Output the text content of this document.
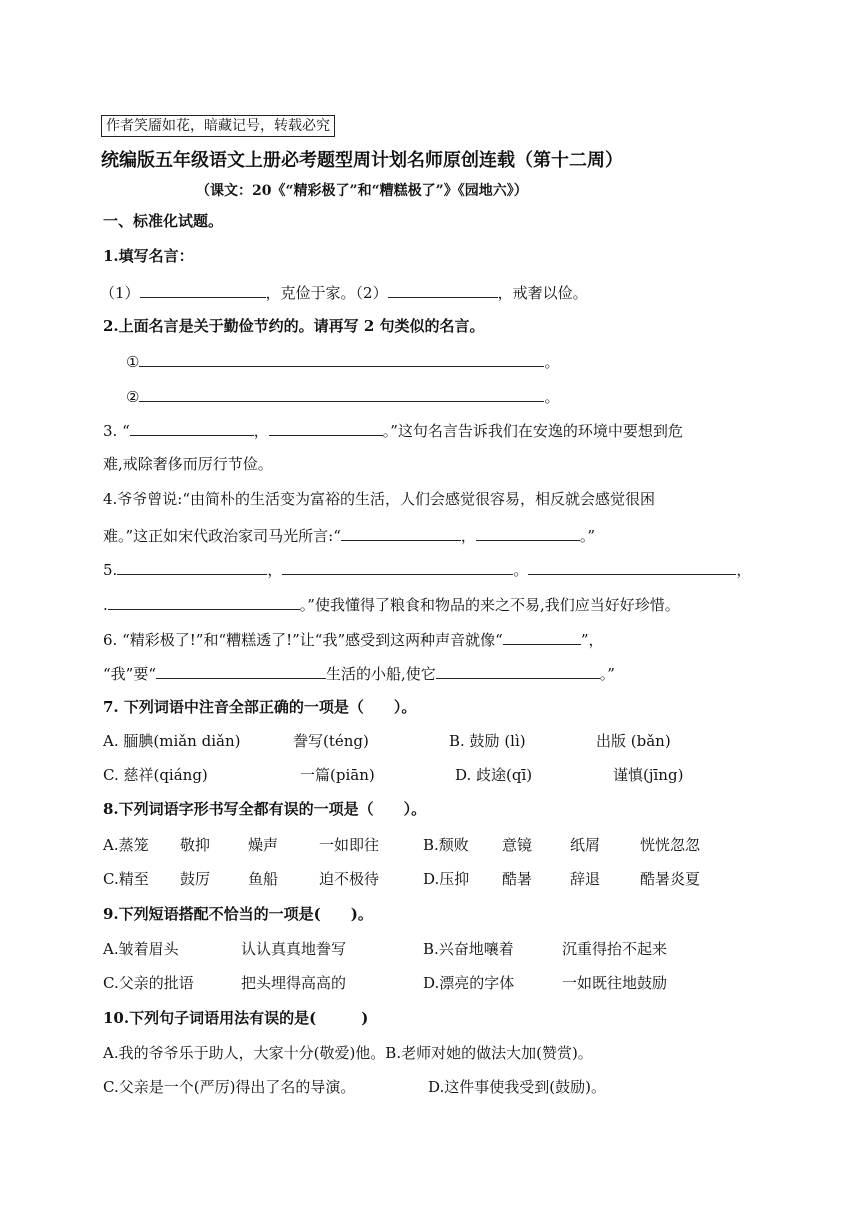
作者笑靥如花，暗藏记号，转载必究
统编版五年级语文上册必考题型周计划名师原创连载（第十二周）
（课文：20《“精彩极了”和“糟糕极了”》《园地六》）
一、标准化试题。
1.填写名言：
（1）	，克俭于家。（2）	，戒奢以俭。
2.上面名言是关于勤俭节约的。请再写 2 句类似的名言。
①	。
②	。
3. “	，	。”这句名言告诉我们在安逸的环境中要想到危
难,戒除奢侈而厉行节俭。
4.爷爷曾说:“由简朴的生活变为富裕的生活，人们会感觉很容易，相反就会感觉很困
难。”这正如宋代政治家司马光所言:“	，	。”
5.	，	。	，
.	。”使我懂得了粮食和物品的来之不易,我们应当好好珍惜。
6. “精彩极了!”和“糟糕透了!”让“我”感受到这两种声音就像“	”，
“我”要“	生活的小船,使它	。”
7. 下列词语中注音全部正确的一项是（　　）。
A. 腼腆(miǎn diǎn)	誊写(téng)	B. 鼓励 (lì)	出版 (bǎn)
C. 慈祥(qiáng)	一篇(piān)	D. 歧途(qī)	谨慎(jīng)
8.下列词语字形书写全都有误的一项是（　　）。
A.蒸笼 敬抑	燥声	一如即往	B.颓败 意镜	纸屑	恍恍忽忽
C.精至 鼓厉	鱼船	迫不极待	D.压抑 酷暑	辞退	酷暑炎夏
9.下列短语搭配不恰当的一项是(　　)。
A.皱着眉头	认认真真地誊写	B.兴奋地嚷着	沉重得抬不起来
C.父亲的批语	把头埋得高高的	D.漂亮的字体	一如既往地鼓励
10.下列句子词语用法有误的是(　　　)
A.我的爷爷乐于助人，大家十分(敬爱)他。B.老师对她的做法大加(赞赏)。
C.父亲是一个(严厉)得出了名的导演。	D.这件事使我受到(鼓励)。
